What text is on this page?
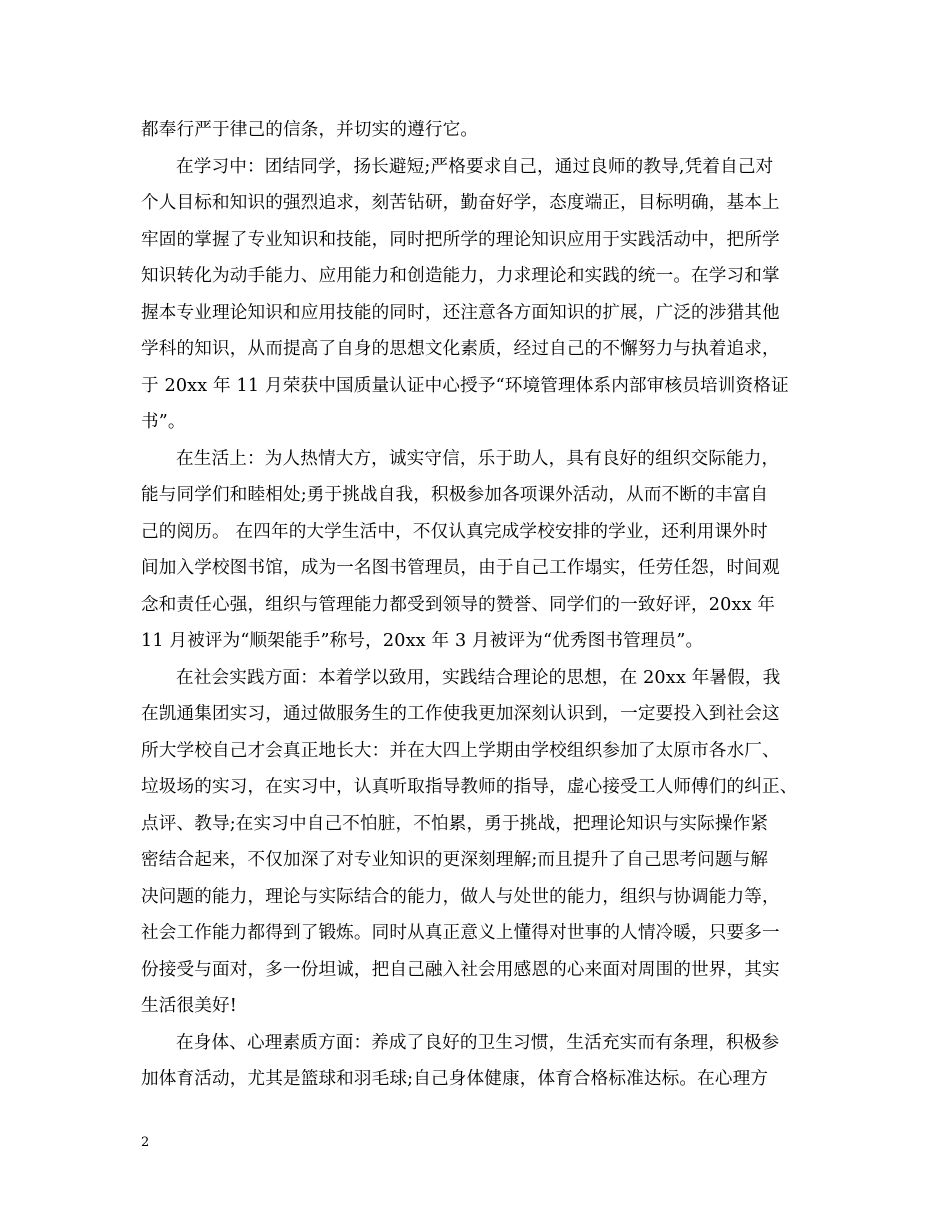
都奉行严于律己的信条，并切实的遵行它。
在学习中：团结同学，扬长避短;严格要求自己，通过良师的教导,凭着自己对
个人目标和知识的强烈追求，刻苦钻研，勤奋好学，态度端正，目标明确，基本上
牢固的掌握了专业知识和技能，同时把所学的理论知识应用于实践活动中，把所学
知识转化为动手能力、应用能力和创造能力，力求理论和实践的统一。在学习和掌
握本专业理论知识和应用技能的同时，还注意各方面知识的扩展，广泛的涉猎其他
学科的知识，从而提高了自身的思想文化素质，经过自己的不懈努力与执着追求，
于 20xx 年 11 月荣获中国质量认证中心授予“环境管理体系内部审核员培训资格证
书”。
在生活上：为人热情大方，诚实守信，乐于助人，具有良好的组织交际能力，
能与同学们和睦相处;勇于挑战自我，积极参加各项课外活动，从而不断的丰富自
己的阅历。 在四年的大学生活中，不仅认真完成学校安排的学业，还利用课外时
间加入学校图书馆，成为一名图书管理员，由于自己工作塌实，任劳任怨，时间观
念和责任心强，组织与管理能力都受到领导的赞誉、同学们的一致好评，20xx 年
11 月被评为“顺架能手”称号，20xx 年 3 月被评为“优秀图书管理员”。
在社会实践方面：本着学以致用，实践结合理论的思想，在 20xx 年暑假，我
在凯通集团实习，通过做服务生的工作使我更加深刻认识到，一定要投入到社会这
所大学校自己才会真正地长大：并在大四上学期由学校组织参加了太原市各水厂、
垃圾场的实习，在实习中，认真听取指导教师的指导，虚心接受工人师傅们的纠正、
点评、教导;在实习中自己不怕脏，不怕累，勇于挑战，把理论知识与实际操作紧
密结合起来，不仅加深了对专业知识的更深刻理解;而且提升了自己思考问题与解
决问题的能力，理论与实际结合的能力，做人与处世的能力，组织与协调能力等，
社会工作能力都得到了锻炼。同时从真正意义上懂得对世事的人情冷暖，只要多一
份接受与面对，多一份坦诚，把自己融入社会用感恩的心来面对周围的世界，其实
生活很美好!
在身体、心理素质方面：养成了良好的卫生习惯，生活充实而有条理，积极参
加体育活动，尤其是篮球和羽毛球;自己身体健康，体育合格标准达标。在心理方
2
